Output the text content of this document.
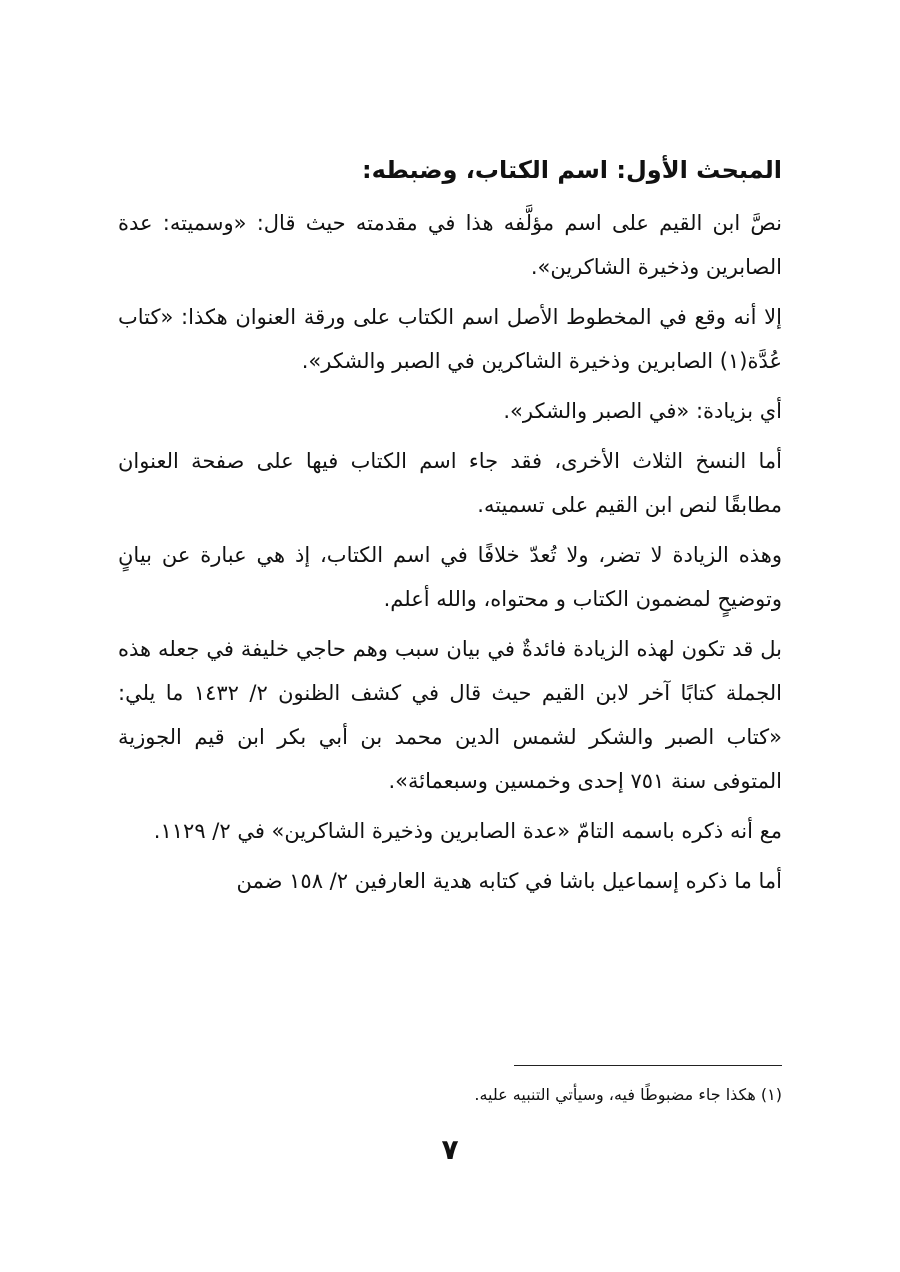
المبحث الأول: اسم الكتاب، وضبطه:

نصَّ ابن القيم على اسم مؤلَّفه هذا في مقدمته حيث قال: «وسميته: عدة الصابرين وذخيرة الشاكرين».

إلا أنه وقع في المخطوط الأصل اسم الكتاب على ورقة العنوان هكذا: «كتاب عُدَّة(١) الصابرين وذخيرة الشاكرين في الصبر والشكر».

أي بزيادة: «في الصبر والشكر».

أما النسخ الثلاث الأخرى، فقد جاء اسم الكتاب فيها على صفحة العنوان مطابقًا لنص ابن القيم على تسميته.

وهذه الزيادة لا تضر، ولا تُعدّ خلافًا في اسم الكتاب، إذ هي عبارة عن بيانٍ وتوضيحٍ لمضمون الكتاب و محتواه، والله أعلم.

بل قد تكون لهذه الزيادة فائدةٌ في بيان سبب وهم حاجي خليفة في جعله هذه الجملة كتابًا آخر لابن القيم حيث قال في كشف الظنون ٢/ ١٤٣٢ ما يلي: «كتاب الصبر والشكر لشمس الدين محمد بن أبي بكر ابن قيم الجوزية المتوفى سنة ٧٥١ إحدى وخمسين وسبعمائة».

مع أنه ذكره باسمه التامّ «عدة الصابرين وذخيرة الشاكرين» في ٢/ ١١٢٩.

أما ما ذكره إسماعيل باشا في كتابه هدية العارفين ٢/ ١٥٨ ضمن

(١) هكذا جاء مضبوطًا فيه، وسيأتي التنبيه عليه.
٧
